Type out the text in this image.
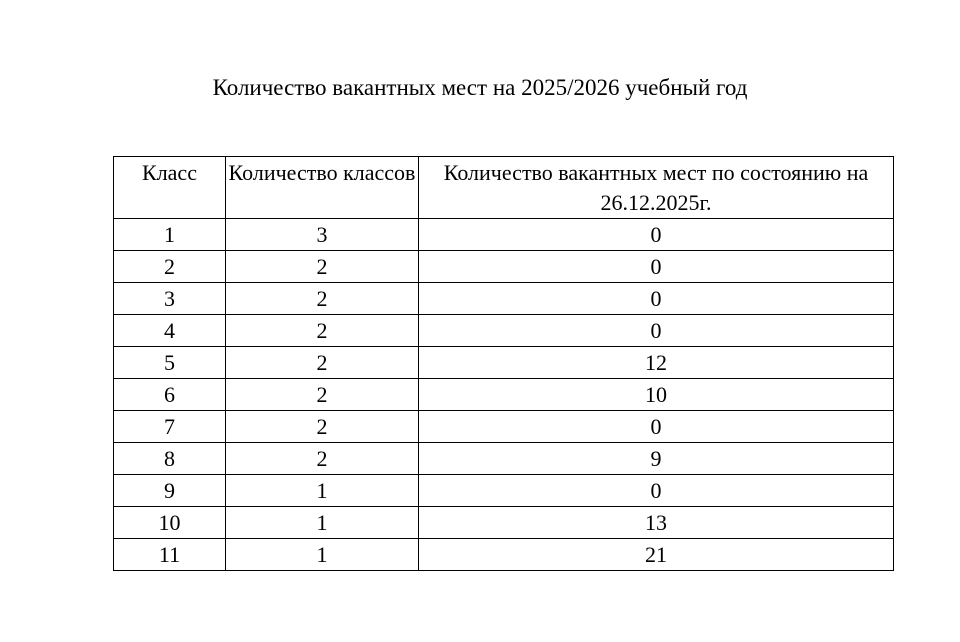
Количество вакантных мест на 2025/2026 учебный год
Класс	Количество классов	Количество вакантных мест по состоянию на 26.12.2025г.
1	3	0
2	2	0
3	2	0
4	2	0
5	2	12
6	2	10
7	2	0
8	2	9
9	1	0
10	1	13
11	1	21
